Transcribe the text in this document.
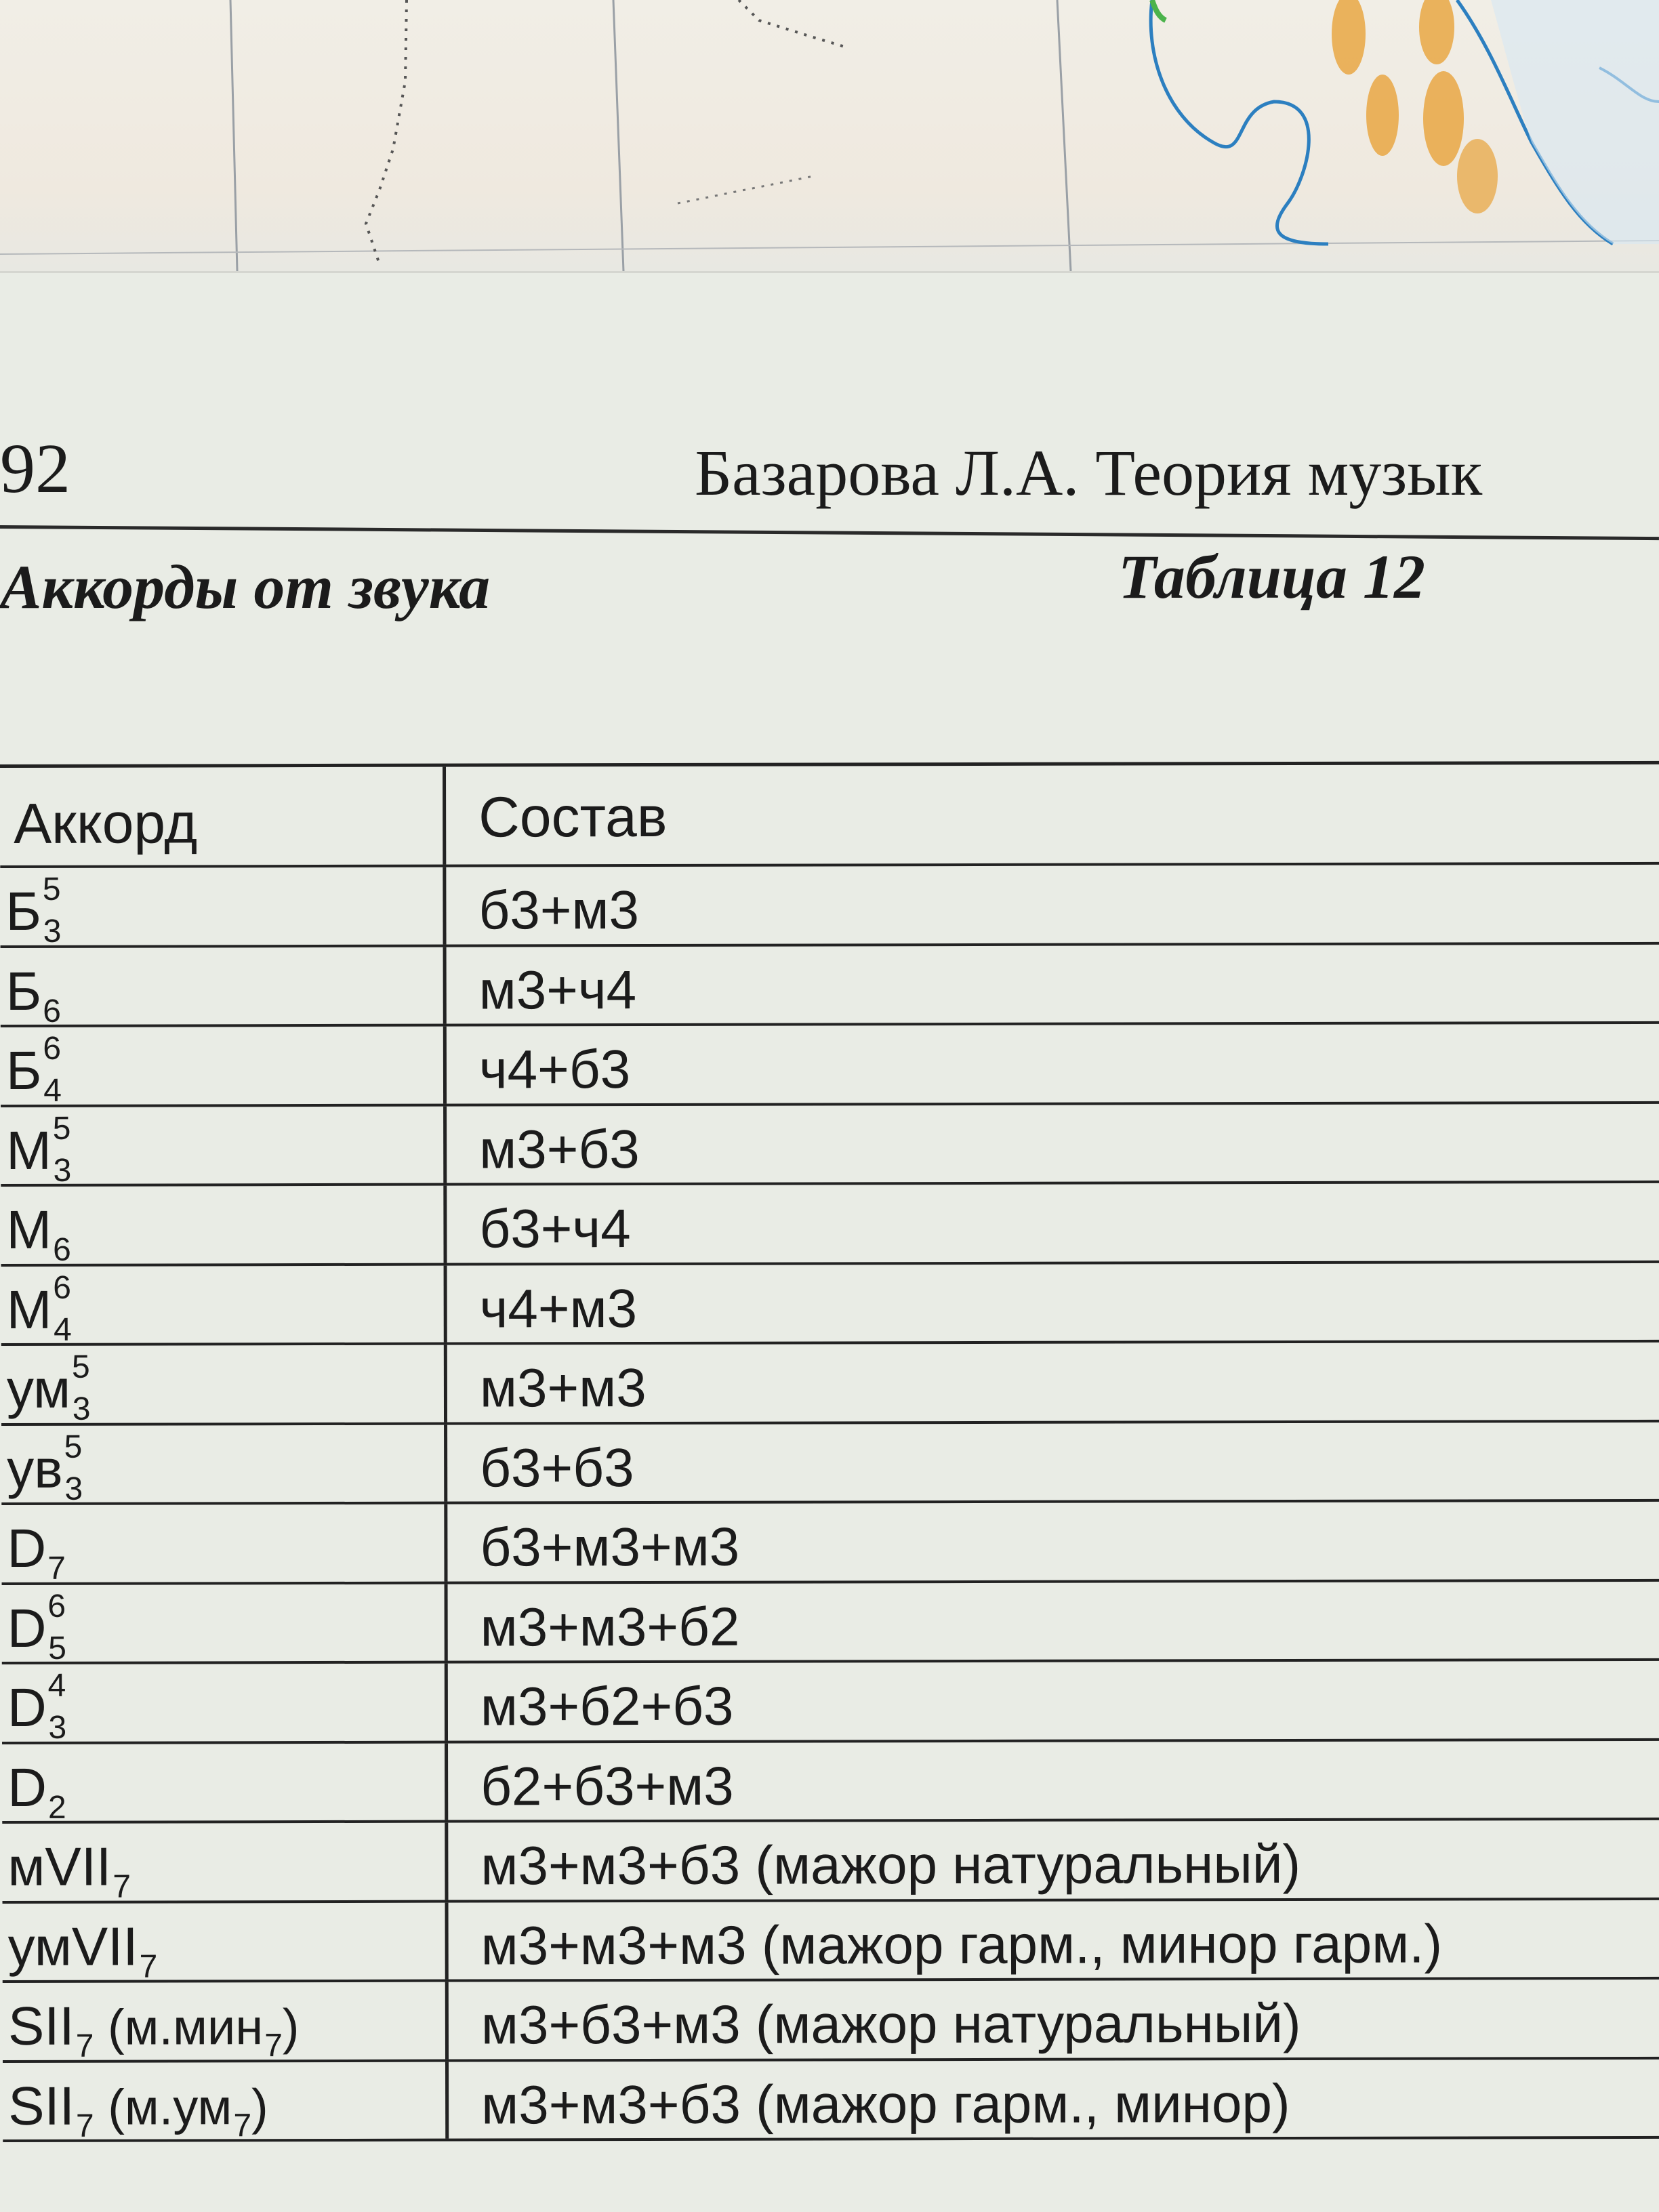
92	Базарова Л.А. Теория музык
Аккорды от звука	Таблица 12
Аккорд	Состав
$Б^5_3$	б3+м3
$Б_6$	м3+ч4
$Б^6_4$	ч4+б3
$М^5_3$	м3+б3
$М_6$	б3+ч4
$М^6_4$	ч4+м3
$ум^5_3$	м3+м3
$ув^5_3$	б3+б3
$D_7$	б3+м3+м3
$D^6_5$	м3+м3+б2
$D^4_3$	м3+б2+б3
$D_2$	б2+б3+м3
мVII$_7$	м3+м3+б3 (мажор натуральный)
умVII$_7$	м3+м3+м3 (мажор гарм., минор гарм.)
$SII_7$ (м.мин$_7$)	м3+б3+м3 (мажор натуральный)
$SII_7$ $(м.ум_7)$	м3+м3+б3 (мажор гарм., минор)
